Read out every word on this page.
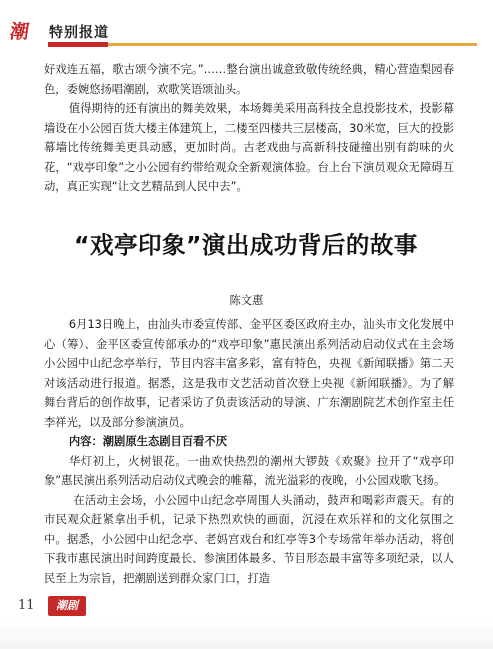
潮	特别报道

好戏连五福，歌古颂今演不完。”……整台演出诚意致敬传统经典，精心营造梨园春色，委婉悠扬唱潮剧，欢歌笑语颂汕头。

值得期待的还有演出的舞美效果，本场舞美采用高科技全息投影技术，投影幕墙设在小公园百货大楼主体建筑上，二楼至四楼共三层楼高，30米宽，巨大的投影幕墙比传统舞美更具动感，更加时尚。古老戏曲与高新科技碰撞出别有韵味的火花，“戏亭印象”之小公园有约带给观众全新观演体验。台上台下演员观众无障碍互动，真正实现“让文艺精品到人民中去”。

“戏亭印象”演出成功背后的故事
陈文惠

6月13日晚上，由汕头市委宣传部、金平区委区政府主办，汕头市文化发展中心（筹）、金平区委宣传部承办的“戏亭印象”惠民演出系列活动启动仪式在主会场小公园中山纪念亭举行，节目内容丰富多彩，富有特色，央视《新闻联播》第二天对该活动进行报道。据悉，这是我市文艺活动首次登上央视《新闻联播》。为了解舞台背后的创作故事，记者采访了负责该活动的导演、广东潮剧院艺术创作室主任李祥光，以及部分参演演员。

内容：潮剧原生态剧目百看不厌

华灯初上，火树银花。一曲欢快热烈的潮州大锣鼓《欢聚》拉开了“戏亭印象”惠民演出系列活动启动仪式晚会的帷幕，流光溢彩的夜晚，小公园戏歌飞扬。

在活动主会场，小公园中山纪念亭周围人头涌动，鼓声和喝彩声震天。有的市民观众赶紧拿出手机，记录下热烈欢快的画面，沉浸在欢乐祥和的文化氛围之中。据悉，小公园中山纪念亭、老妈宫戏台和红亭等3个专场常年举办活动，将创下我市惠民演出时间跨度最长、参演团体最多、节目形态最丰富等多项纪录，以人民至上为宗旨，把潮剧送到群众家门口，打造

11	潮剧
